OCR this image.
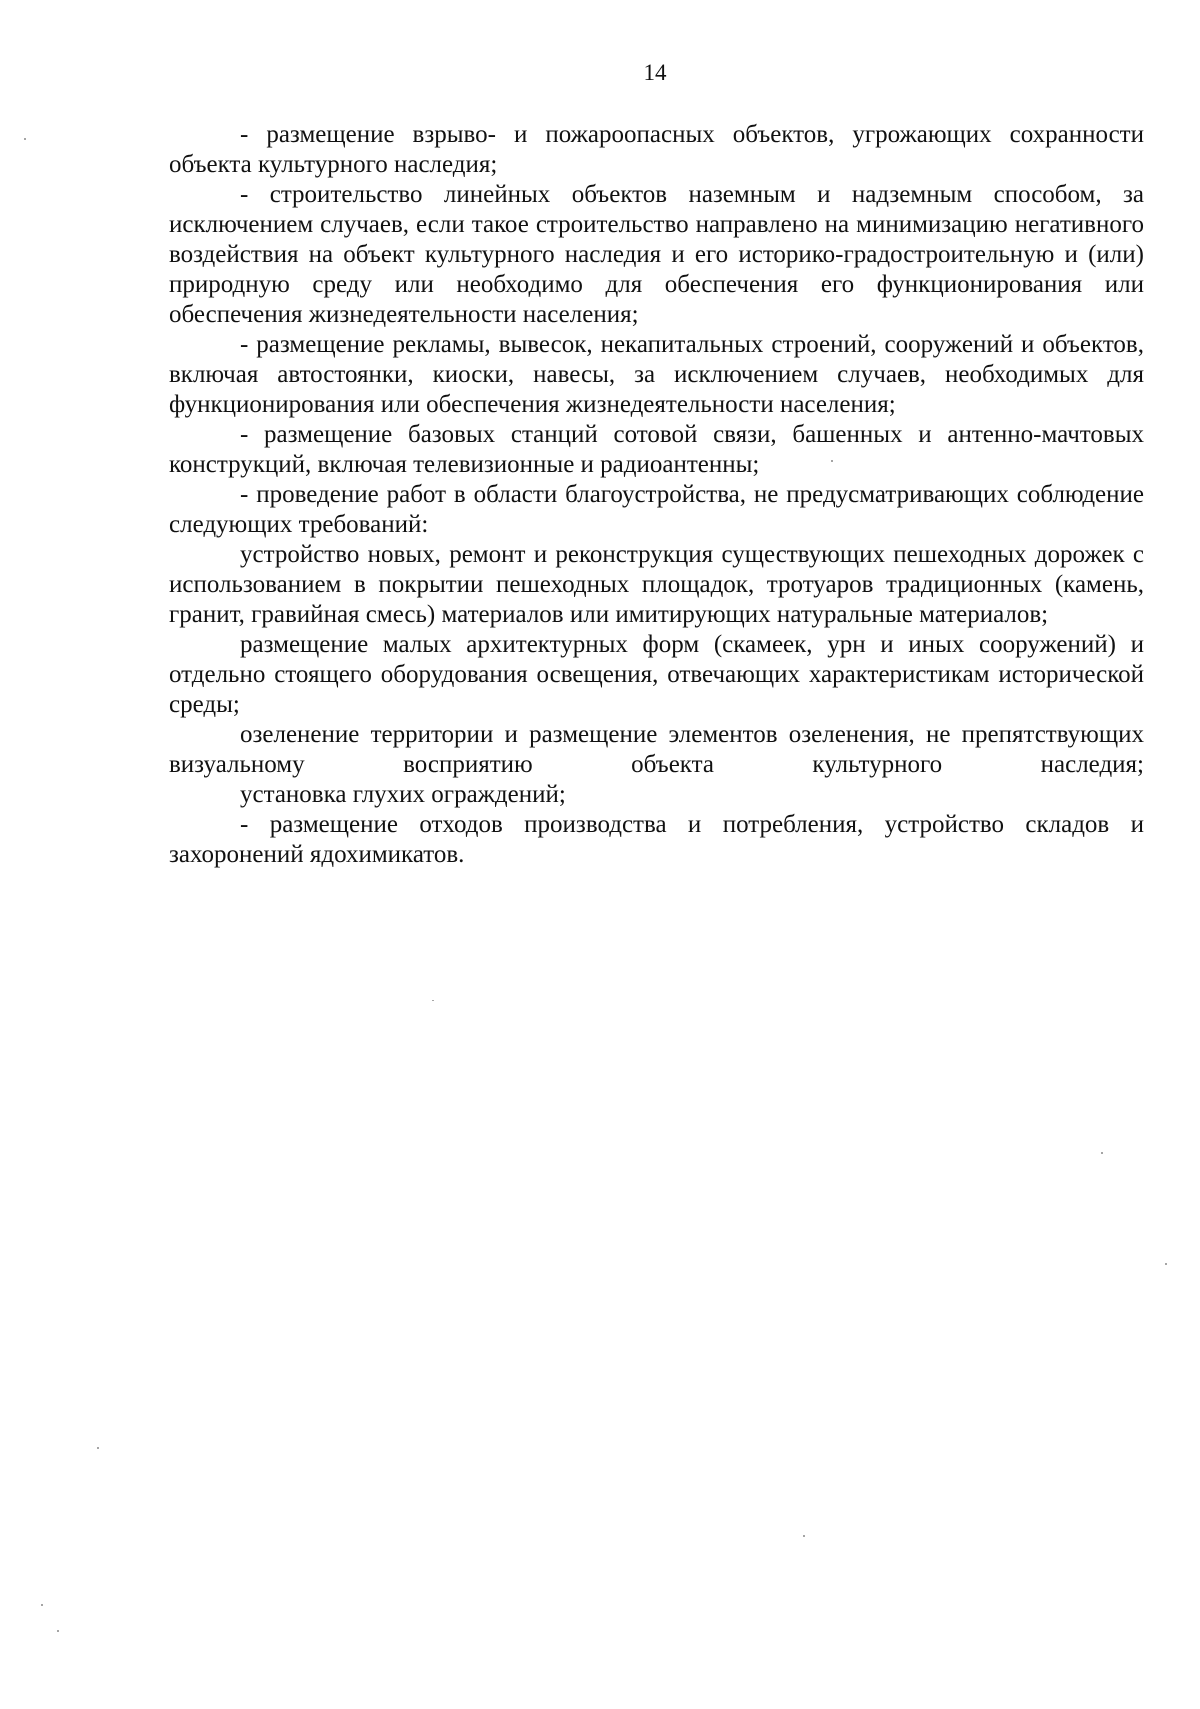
14

- размещение взрыво- и пожароопасных объектов, угрожающих сохранности объекта культурного наследия;

- строительство линейных объектов наземным и надземным способом, за исключением случаев, если такое строительство направлено на минимизацию негативного воздействия на объект культурного наследия и его историко-градостроительную и (или) природную среду или необходимо для обеспечения его функционирования или обеспечения жизнедеятельности населения;

- размещение рекламы, вывесок, некапитальных строений, сооружений и объектов, включая автостоянки, киоски, навесы, за исключением случаев, необходимых для функционирования или обеспечения жизнедеятельности населения;

- размещение базовых станций сотовой связи, башенных и антенно-мачтовых конструкций, включая телевизионные и радиоантенны;

- проведение работ в области благоустройства, не предусматривающих соблюдение следующих требований:

устройство новых, ремонт и реконструкция существующих пешеходных дорожек с использованием в покрытии пешеходных площадок, тротуаров традиционных (камень, гранит, гравийная смесь) материалов или имитирующих натуральные материалов;

размещение малых архитектурных форм (скамеек, урн и иных сооружений) и отдельно стоящего оборудования освещения, отвечающих характеристикам исторической среды;

озеленение территории и размещение элементов озеленения, не препятствующих визуальному восприятию объекта культурного наследия;

установка глухих ограждений;

- размещение отходов производства и потребления, устройство складов и захоронений ядохимикатов.
